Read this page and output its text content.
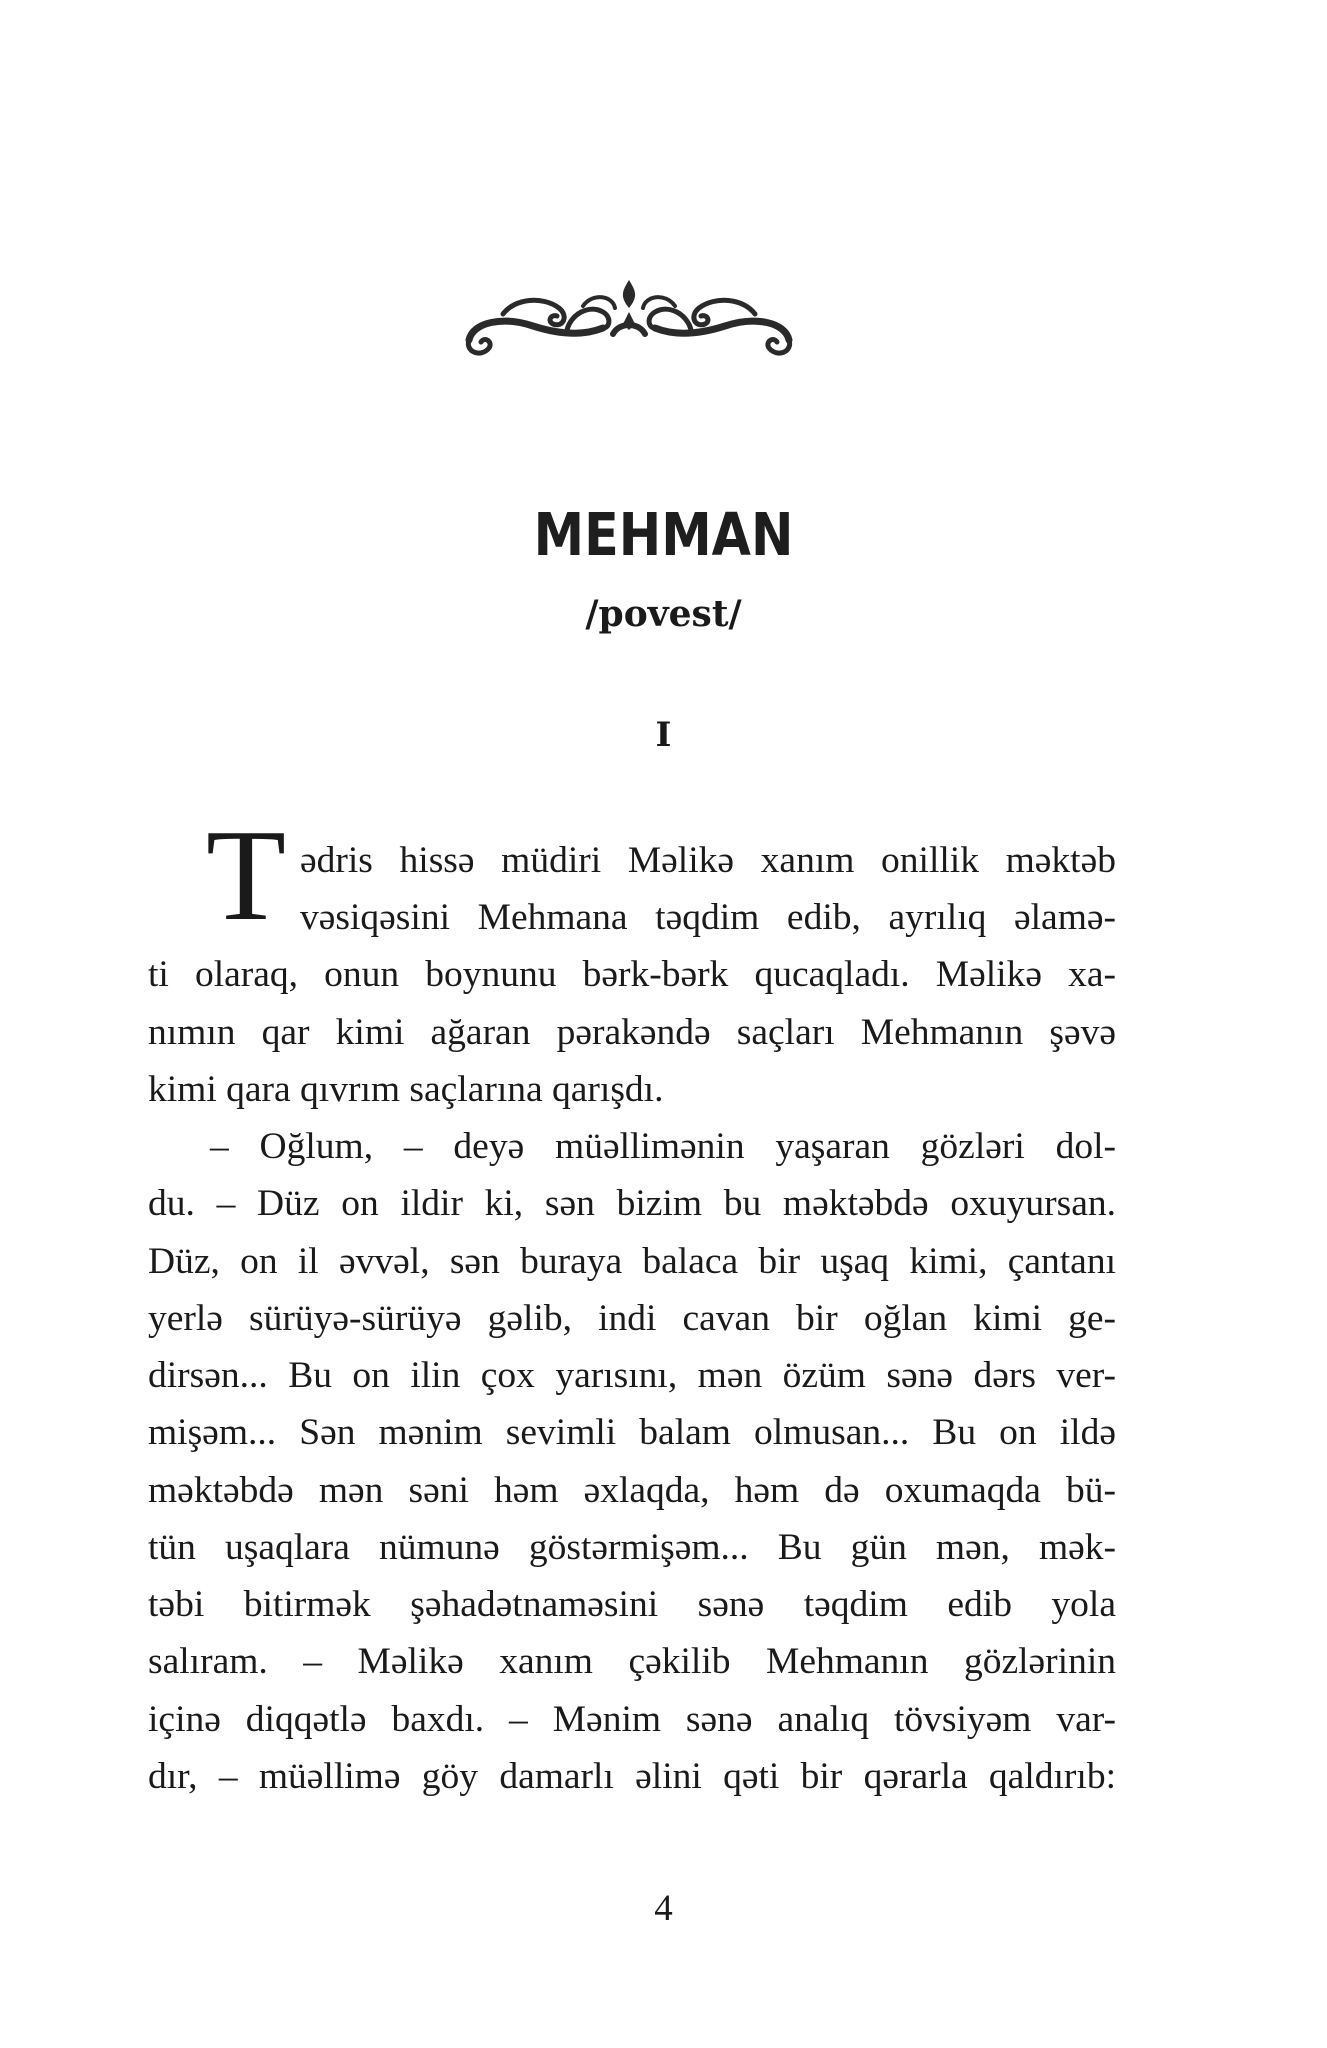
MEHMAN
/povest/
I
T ədris hissə müdiri Məlikə xanım onillik məktəb
vəsiqəsini Mehmana təqdim edib, ayrılıq əlamə-
ti olaraq, onun boynunu bərk-bərk qucaqladı. Məlikə xa-
nımın qar kimi ağaran pərakəndə saçları Mehmanın şəvə
kimi qara qıvrım saçlarına qarışdı.
– Oğlum, – deyə müəllimənin yaşaran gözləri dol-
du. – Düz on ildir ki, sən bizim bu məktəbdə oxuyursan.
Düz, on il əvvəl, sən buraya balaca bir uşaq kimi, çantanı
yerlə sürüyə-sürüyə gəlib, indi cavan bir oğlan kimi ge-
dirsən... Bu on ilin çox yarısını, mən özüm sənə dərs ver-
mişəm... Sən mənim sevimli balam olmusan... Bu on ildə
məktəbdə mən səni həm əxlaqda, həm də oxumaqda bü-
tün uşaqlara nümunə göstərmişəm... Bu gün mən, mək-
təbi bitirmək şəhadətnaməsini sənə təqdim edib yola
salıram. – Məlikə xanım çəkilib Mehmanın gözlərinin
içinə diqqətlə baxdı. – Mənim sənə analıq tövsiyəm var-
dır, – müəllimə göy damarlı əlini qəti bir qərarla qaldırıb:
4
